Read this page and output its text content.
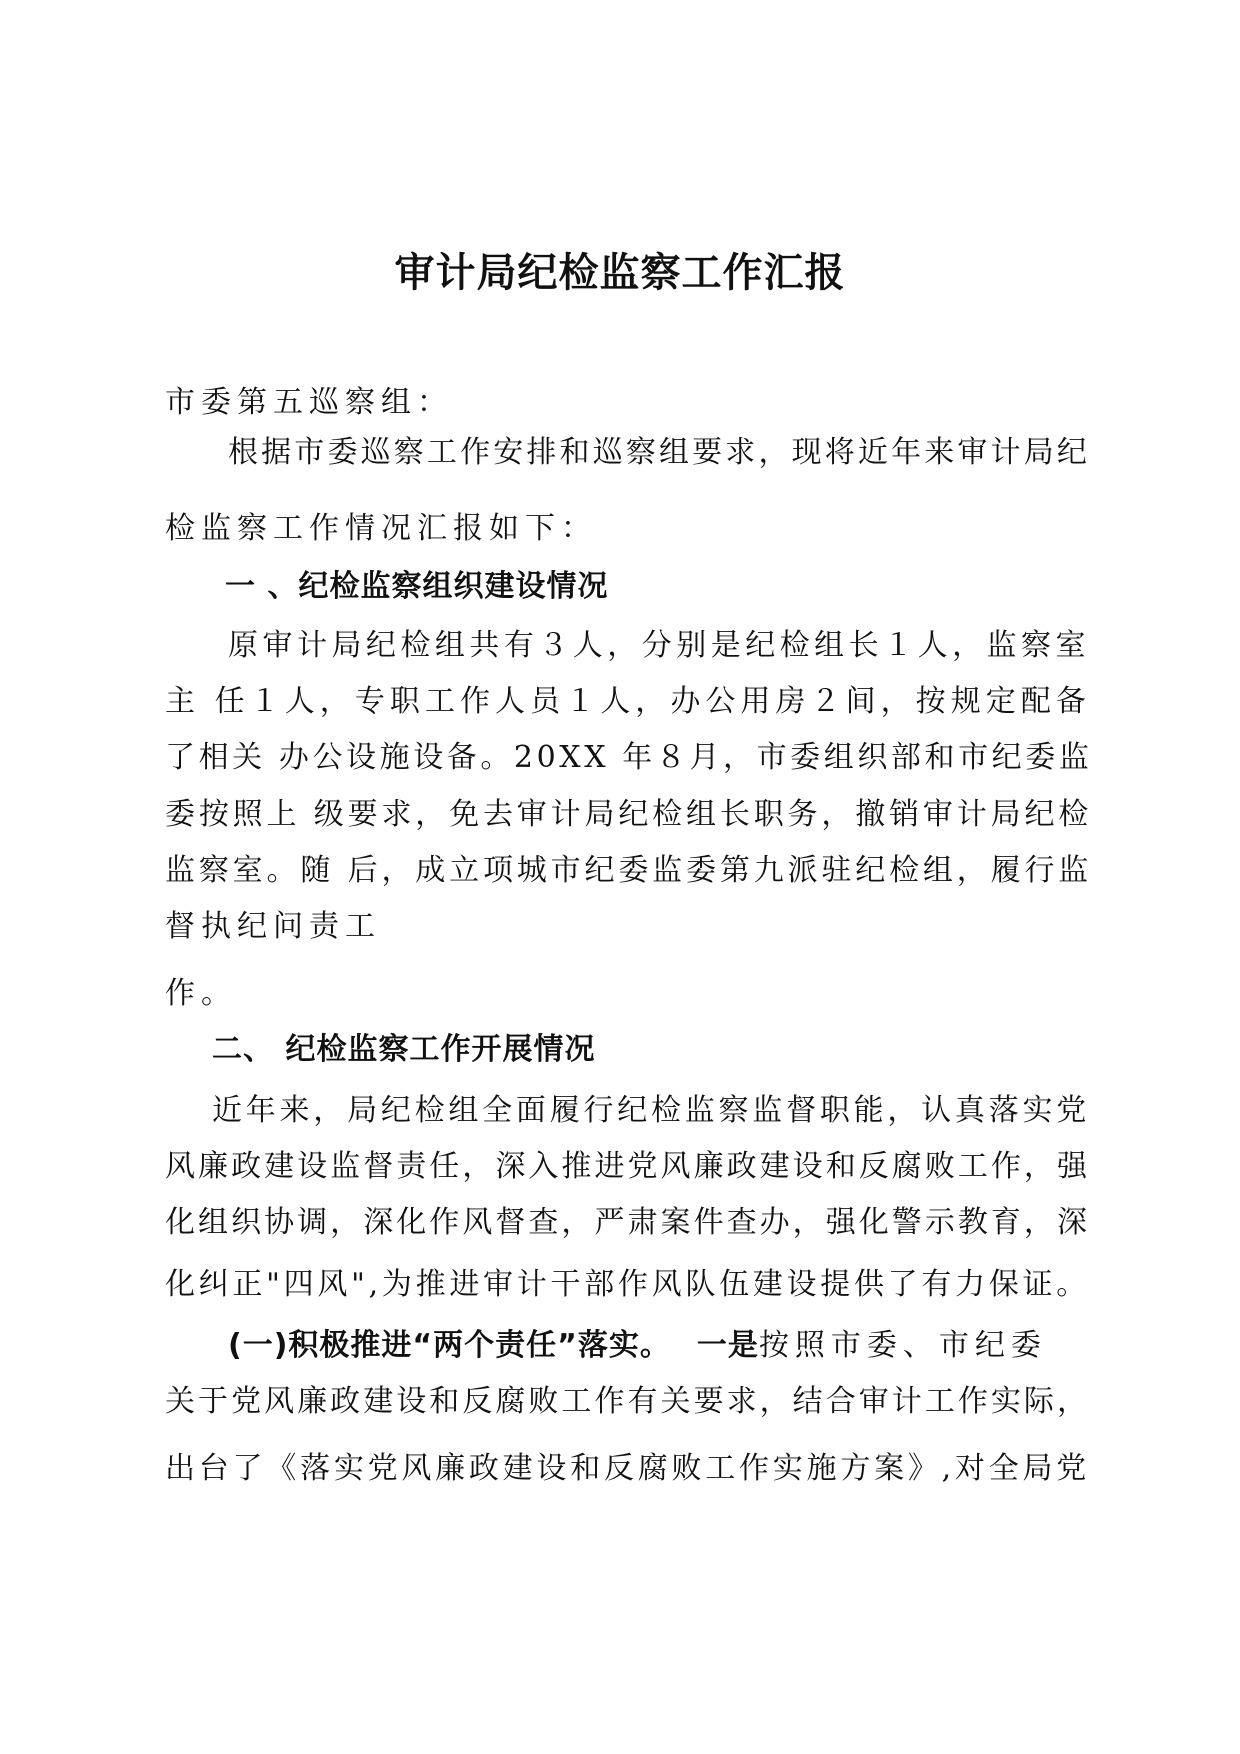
审计局纪检监察工作汇报
市委第五巡察组：
根据市委巡察工作安排和巡察组要求，现将近年来审计局纪
检监察工作情况汇报如下：
一 、纪检监察组织建设情况
原审计局纪检组共有３人，分别是纪检组长１人，监察室
主 任１人，专职工作人员１人，办公用房２间，按规定配备
了相关 办公设施设备。20XX 年８月，市委组织部和市纪委监
委按照上 级要求，免去审计局纪检组长职务，撤销审计局纪检
监察室。随 后，成立项城市纪委监委第九派驻纪检组，履行监
督执纪问责工
作。
二、 纪检监察工作开展情况
近年来，局纪检组全面履行纪检监察监督职能，认真落实党
风廉政建设监督责任，深入推进党风廉政建设和反腐败工作，强
化组织协调，深化作风督查，严肃案件查办，强化警示教育，深
化纠正"四风",为推进审计干部作风队伍建设提供了有力保证。
(一)积极推进“两个责任”落实。 一是按照市委、市纪委
关于党风廉政建设和反腐败工作有关要求，结合审计工作实际，
出台了《落实党风廉政建设和反腐败工作实施方案》,对全局党
